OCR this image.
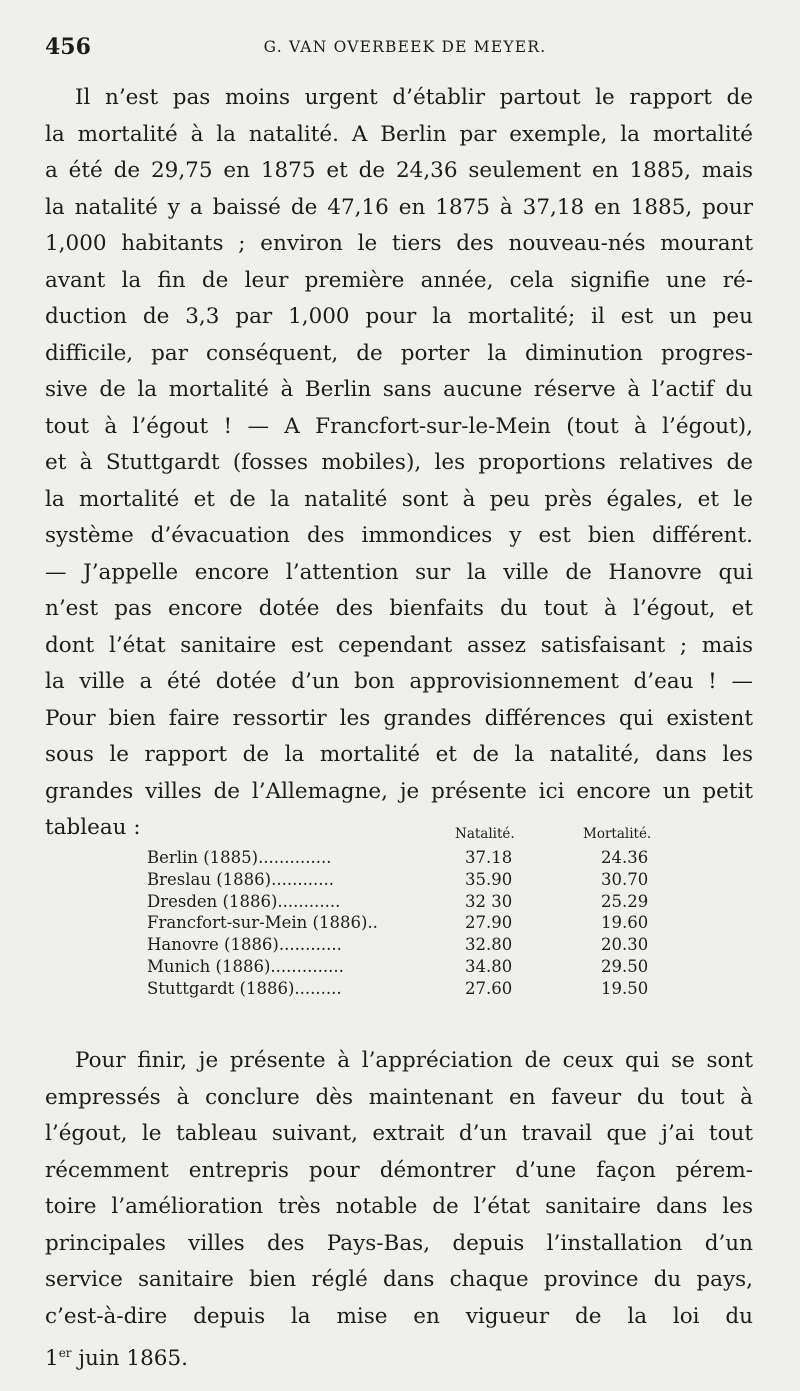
456	G. VAN OVERBEEK DE MEYER.

Il n’est pas moins urgent d’établir partout le rapport de
la mortalité à la natalité. A Berlin par exemple, la mortalité
a été de 29,75 en 1875 et de 24,36 seulement en 1885, mais
la natalité y a baissé de 47,16 en 1875 à 37,18 en 1885, pour
1,000 habitants ; environ le tiers des nouveau-nés mourant
avant la fin de leur première année, cela signifie une ré-
duction de 3,3 par 1,000 pour la mortalité; il est un peu
difficile, par conséquent, de porter la diminution progres-
sive de la mortalité à Berlin sans aucune réserve à l’actif du
tout à l’égout ! — A Francfort-sur-le-Mein (tout à l’égout),
et à Stuttgardt (fosses mobiles), les proportions relatives de
la mortalité et de la natalité sont à peu près égales, et le
système d’évacuation des immondices y est bien différent.
— J’appelle encore l’attention sur la ville de Hanovre qui
n’est pas encore dotée des bienfaits du tout à l’égout, et
dont l’état sanitaire est cependant assez satisfaisant ; mais
la ville a été dotée d’un bon approvisionnement d’eau ! —
Pour bien faire ressortir les grandes différences qui existent
sous le rapport de la mortalité et de la natalité, dans les
grandes villes de l’Allemagne, je présente ici encore un petit
tableau :	Natalité.	Mortalité.
Berlin (1885)..............	37.18	24.36
Breslau (1886)............	35.90	30.70
Dresden (1886)............	32 30	25.29
Francfort-sur-Mein (1886)..	27.90	19.60
Hanovre (1886)............	32.80	20.30
Munich (1886)..............	34.80	29.50
Stuttgardt (1886).........	27.60	19.50

Pour finir, je présente à l’appréciation de ceux qui se sont
empressés à conclure dès maintenant en faveur du tout à
l’égout, le tableau suivant, extrait d’un travail que j’ai tout
récemment entrepris pour démontrer d’une façon pérem-
toire l’amélioration très notable de l’état sanitaire dans les
principales villes des Pays-Bas, depuis l’installation d’un
service sanitaire bien réglé dans chaque province du pays,
c’est-à-dire depuis la mise en vigueur de la loi du
1er juin 1865.
